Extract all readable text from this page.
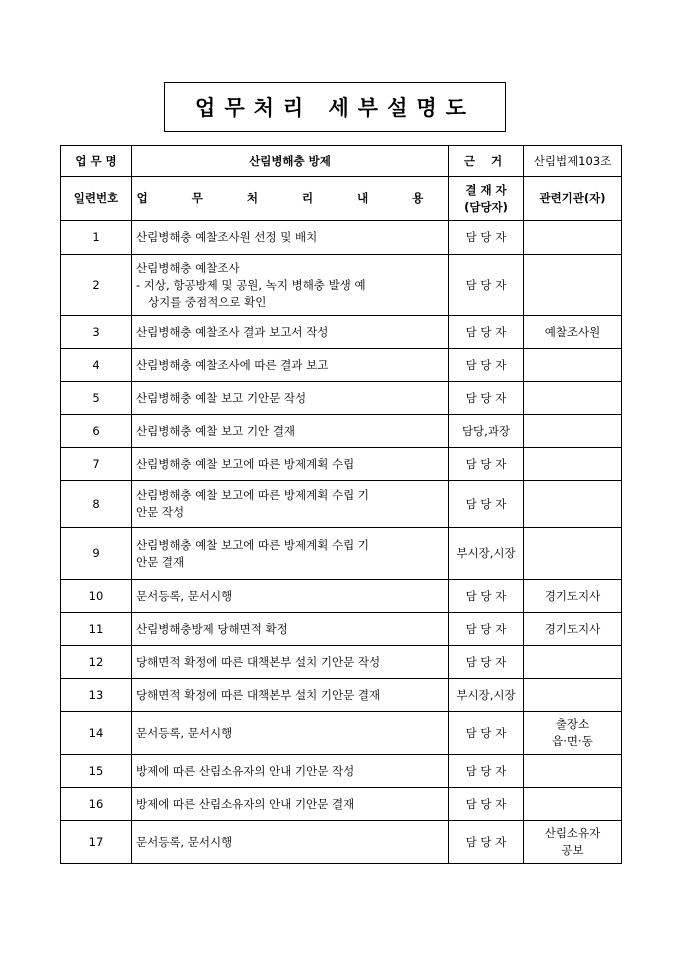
업무처리 세부설명도
업 무 명	산림병해충 방제	근 거	산림법제103조
일련번호	업 무 처 리 내 용	결 재 자
(담당자)	관련기관(자)
1	산림병해충 예찰조사원 선정 및 배치	담 당 자	
2	산림병해충 예찰조사
- 지상, 항공방제 및 공원, 녹지 병해충 발생 예
상지를 중점적으로 확인	담 당 자	
3	산림병해충 예찰조사 결과 보고서 작성	담 당 자	예찰조사원

4	산림병해충 예찰조사에 따른 결과 보고	담 당 자	
5	산림병해충 예찰 보고 기안문 작성	담 당 자	
6	산림병해충 예찰 보고 기안 결재	담당,과장	
7	산림병해충 예찰 보고에 따른 방제계획 수립	담 당 자	
8	산림병해충 예찰 보고에 따른 방제계획 수립 기
안문 작성	담 당 자	
9	산림병해충 예찰 보고에 따른 방제계획 수립 기
안문 결재	부시장,시장	
10	문서등록, 문서시행	담 당 자	경기도지사

11	산림병해충방제 당해면적 확정	담 당 자	경기도지사

12	당해면적 확정에 따른 대책본부 설치 기안문 작성	담 당 자	
13	당해면적 확정에 따른 대책본부 설치 기안문 결재	부시장,시장	
14	문서등록, 문서시행	담 당 자	출장소
읍·면·동

15	방제에 따른 산림소유자의 안내 기안문 작성	담 당 자	
16	방제에 따른 산림소유자의 안내 기안문 결재	담 당 자	
17	문서등록, 문서시행	담 당 자	산림소유자
공보
